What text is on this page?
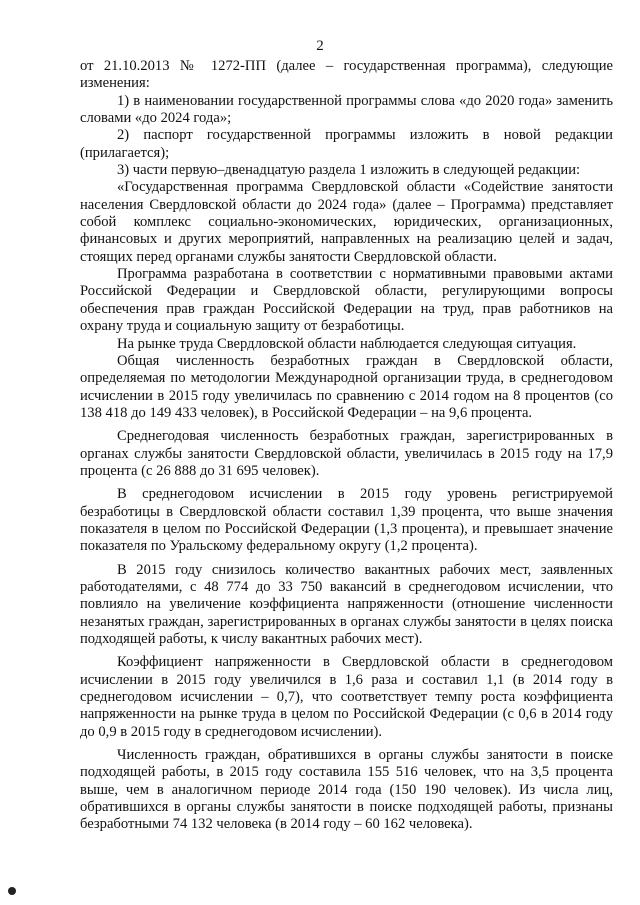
2

от 21.10.2013 № 1272-ПП (далее – государственная программа), следующие изменения:

1) в наименовании государственной программы слова «до 2020 года» заменить словами «до 2024 года»;

2) паспорт государственной программы изложить в новой редакции (прилагается);

3) части первую–двенадцатую раздела 1 изложить в следующей редакции:

«Государственная программа Свердловской области «Содействие занятости населения Свердловской области до 2024 года» (далее – Программа) представляет собой комплекс социально-экономических, юридических, организационных, финансовых и других мероприятий, направленных на реализацию целей и задач, стоящих перед органами службы занятости Свердловской области.

Программа разработана в соответствии с нормативными правовыми актами Российской Федерации и Свердловской области, регулирующими вопросы обеспечения прав граждан Российской Федерации на труд, прав работников на охрану труда и социальную защиту от безработицы.

На рынке труда Свердловской области наблюдается следующая ситуация.

Общая численность безработных граждан в Свердловской области, определяемая по методологии Международной организации труда, в среднегодовом исчислении в 2015 году увеличилась по сравнению с 2014 годом на 8 процентов (со 138 418 до 149 433 человек), в Российской Федерации – на 9,6 процента.

Среднегодовая численность безработных граждан, зарегистрированных в органах службы занятости Свердловской области, увеличилась в 2015 году на 17,9 процента (с 26 888 до 31 695 человек).

В среднегодовом исчислении в 2015 году уровень регистрируемой безработицы в Свердловской области составил 1,39 процента, что выше значения показателя в целом по Российской Федерации (1,3 процента), и превышает значение показателя по Уральскому федеральному округу (1,2 процента).

В 2015 году снизилось количество вакантных рабочих мест, заявленных работодателями, с 48 774 до 33 750 вакансий в среднегодовом исчислении, что повлияло на увеличение коэффициента напряженности (отношение численности незанятых граждан, зарегистрированных в органах службы занятости в целях поиска подходящей работы, к числу вакантных рабочих мест).

Коэффициент напряженности в Свердловской области в среднегодовом исчислении в 2015 году увеличился в 1,6 раза и составил 1,1 (в 2014 году в среднегодовом исчислении – 0,7), что соответствует темпу роста коэффициента напряженности на рынке труда в целом по Российской Федерации (с 0,6 в 2014 году до 0,9 в 2015 году в среднегодовом исчислении).

Численность граждан, обратившихся в органы службы занятости в поиске подходящей работы, в 2015 году составила 155 516 человек, что на 3,5 процента выше, чем в аналогичном периоде 2014 года (150 190 человек). Из числа лиц, обратившихся в органы службы занятости в поиске подходящей работы, признаны безработными 74 132 человека (в 2014 году – 60 162 человека).
